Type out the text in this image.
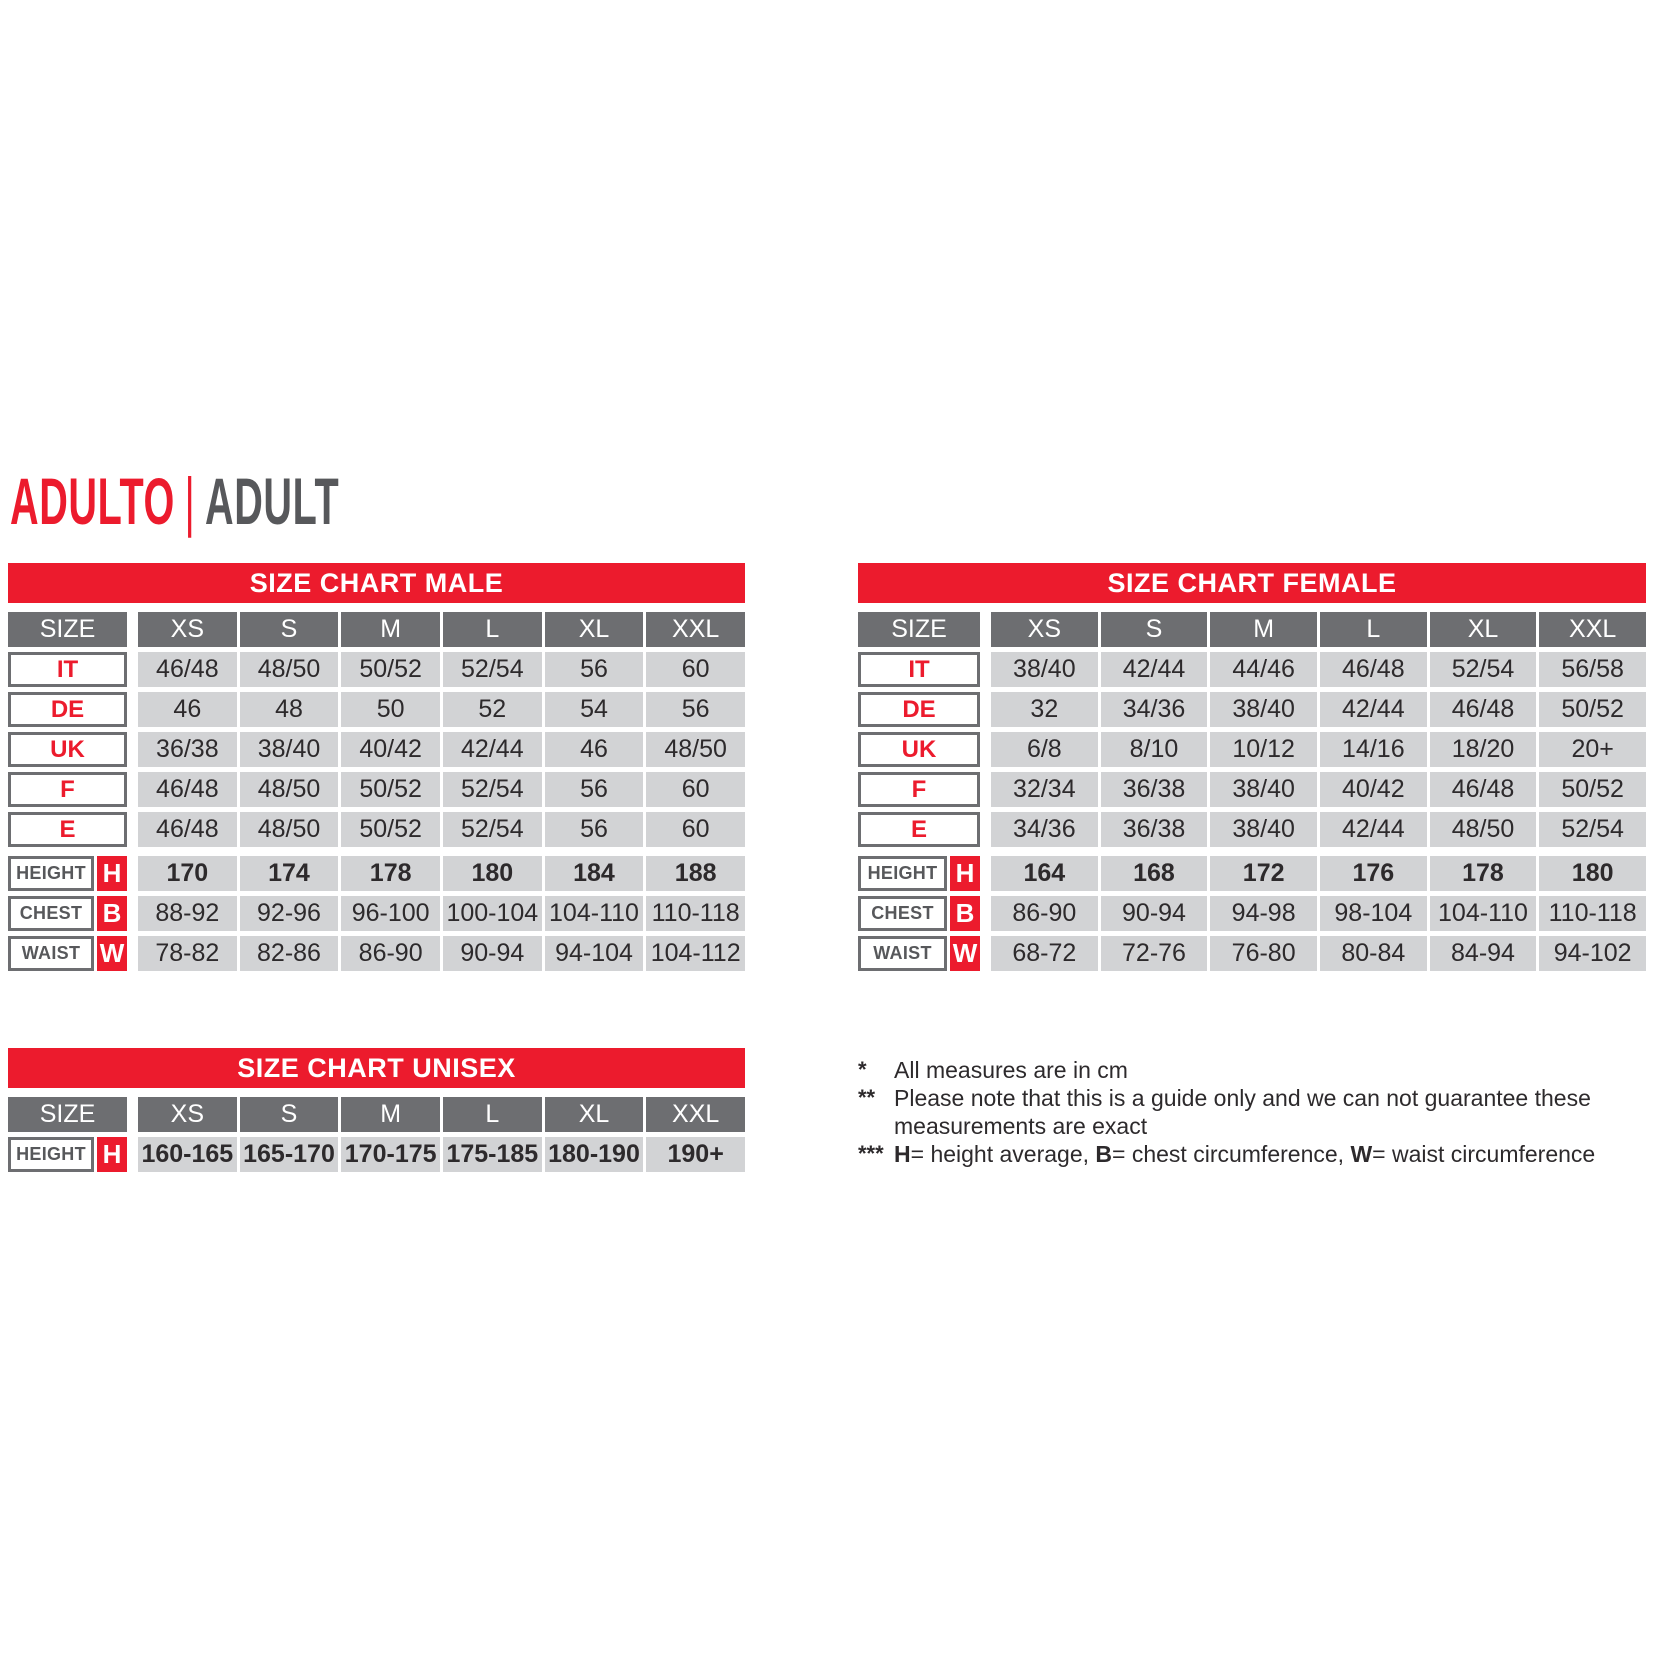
ADULTO | ADULT
SIZE CHART MALE
SIZE	XS	S	M	L	XL	XXL
IT	46/48	48/50	50/52	52/54	56	60
DE	46	48	50	52	54	56
UK	36/38	38/40	40/42	42/44	46	48/50
F	46/48	48/50	50/52	52/54	56	60
E	46/48	48/50	50/52	52/54	56	60
HEIGHT H	170	174	178	180	184	188
CHEST B	88-92	92-96	96-100 100-104 104-110 110-118
WAIST W	78-82	82-86	86-90	90-94	94-104 104-112
SIZE CHART FEMALE
SIZE	XS	S	M	L	XL	XXL
IT	38/40	42/44	44/46	46/48	52/54	56/58
DE	32	34/36	38/40	42/44	46/48	50/52
UK	6/8	8/10	10/12	14/16	18/20	20+
F	32/34	36/38	38/40	40/42	46/48	50/52
E	34/36	36/38	38/40	42/44	48/50	52/54
HEIGHT H	164	168	172	176	178	180
CHEST B	86-90	90-94	94-98	98-104	104-110 110-118
WAIST W	68-72	72-76	76-80	80-84	84-94	94-102
SIZE CHART UNISEX
SIZE	XS	S	M	L	XL	XXL
HEIGHT H 160-165 165-170 170-175 175-185 180-190	190+
*	All measures are in cm
** Please note that this is a guide only and we can not guarantee these measurements are exact
*** H= height average, B= chest circumference, W= waist circumference
